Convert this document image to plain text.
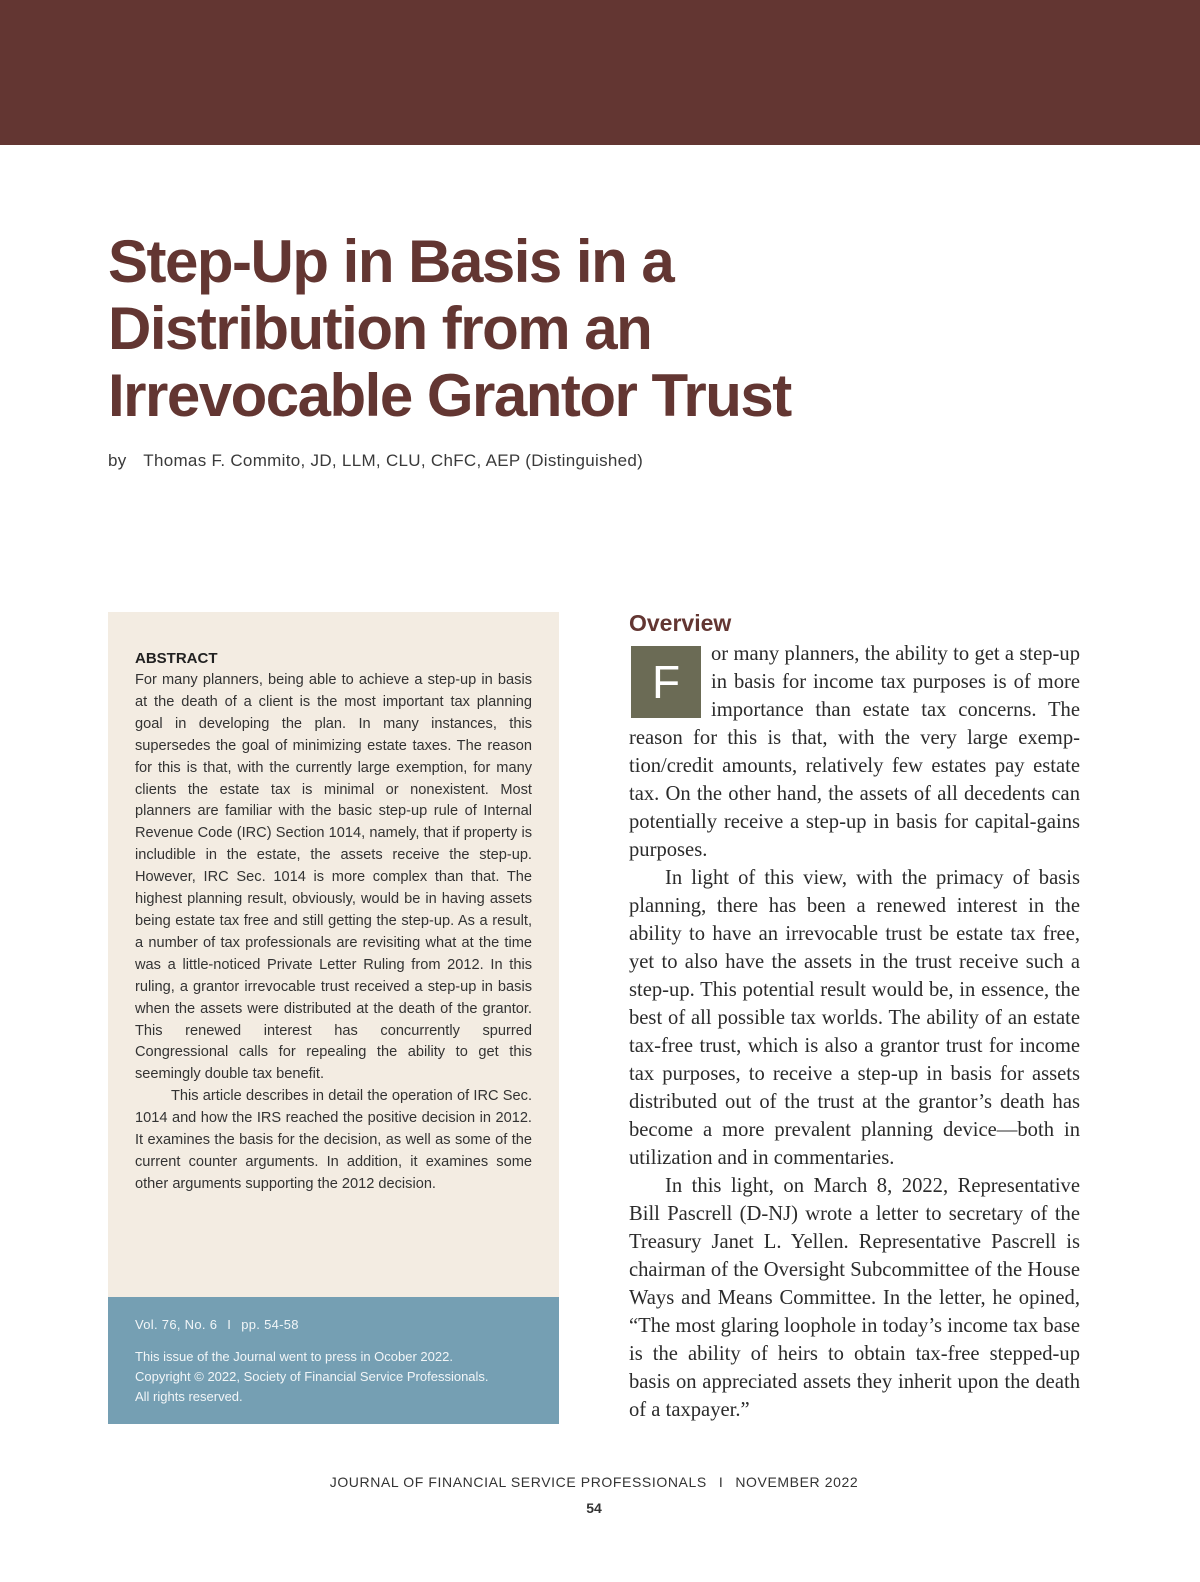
Step-Up in Basis in a
Distribution from an
Irrevocable Grantor Trust
by Thomas F. Commito, JD, LLM, CLU, ChFC, AEP (Distinguished)
ABSTRACT

For many planners, being able to achieve a step-up in basis at the death of a client is the most important tax planning goal in developing the plan. In many instances, this supersedes the goal of minimizing estate taxes. The reason for this is that, with the currently large exemption, for many clients the estate tax is minimal or nonexistent. Most planners are familiar with the basic step-up rule of Internal Revenue Code (IRC) Section 1014, namely, that if property is includible in the estate, the assets receive the step-up. However, IRC Sec. 1014 is more complex than that. The highest planning result, obviously, would be in having assets being estate tax free and still getting the step-up. As a result, a number of tax professionals are revisiting what at the time was a little-noticed Private Letter Ruling from 2012. In this ruling, a grantor irrevocable trust received a step-up in basis when the assets were distributed at the death of the grantor. This renewed interest has concurrently spurred Congressional calls for repealing the ability to get this seemingly double tax benefit.

This article describes in detail the operation of IRC Sec. 1014 and how the IRS reached the positive decision in 2012. It examines the basis for the decision, as well as some of the current counter arguments. In addition, it examines some other arguments supporting the 2012 decision.

Vol. 76, No. 6 I pp. 54-58
This issue of the Journal went to press in Ocober 2022.
Copyright © 2022, Society of Financial Service Professionals.
All rights reserved.
Overview

F
or many planners, the ability to get a step-up in basis for income tax purposes is of more importance than estate tax concerns. The reason for this is that, with the very large exemption/credit amounts, relatively few estates pay estate tax. On the other hand, the assets of all decedents can potentially receive a step-up in basis for capital-gains purposes.

In light of this view, with the primacy of basis planning, there has been a renewed interest in the ability to have an irrevocable trust be estate tax free, yet to also have the assets in the trust receive such a step-up. This potential result would be, in essence, the best of all possible tax worlds. The ability of an estate tax-free trust, which is also a grantor trust for income tax purposes, to receive a step-up in basis for assets distributed out of the trust at the grantor’s death has become a more prevalent planning device—both in utilization and in commentaries.

In this light, on March 8, 2022, Representative Bill Pascrell (D-NJ) wrote a letter to secretary of the Treasury Janet L. Yellen. Representative Pascrell is chairman of the Oversight Subcommittee of the House Ways and Means Committee. In the letter, he opined, “The most glaring loophole in today’s income tax base is the ability of heirs to obtain tax-free stepped-up basis on appreciated assets they inherit upon the death of a taxpayer.”

JOURNAL OF FINANCIAL SERVICE PROFESSIONALS I NOVEMBER 2022
54
